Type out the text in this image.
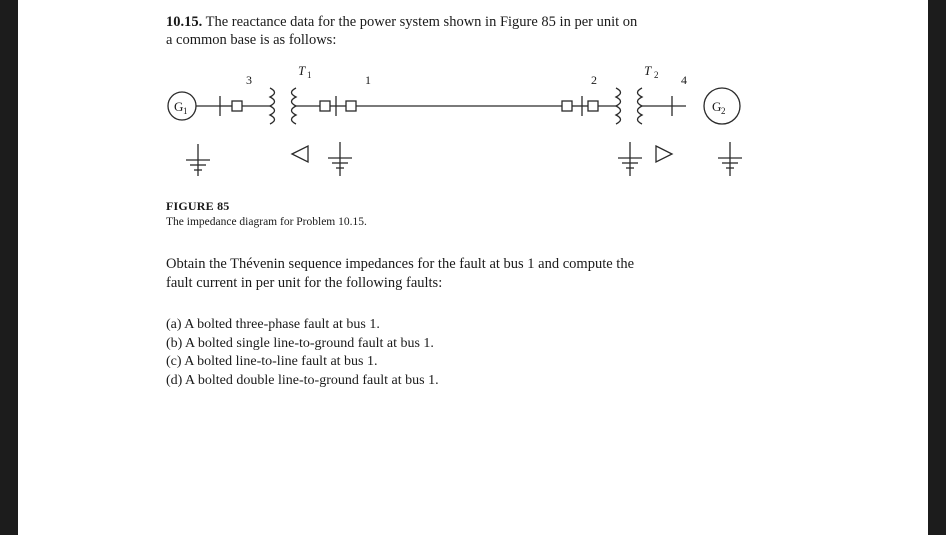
10.15. The reactance data for the power system shown in Figure 85 in per unit on
a common base is as follows:
G 1
3
T 1	1	2
T 2 4
G 2
FIGURE 85
The impedance diagram for Problem 10.15.
Obtain the Thévenin sequence impedances for the fault at bus 1 and compute the
fault current in per unit for the following faults:
(a) A bolted three-phase fault at bus 1.
(b) A bolted single line-to-ground fault at bus 1.
(c) A bolted line-to-line fault at bus 1.
(d) A bolted double line-to-ground fault at bus 1.
